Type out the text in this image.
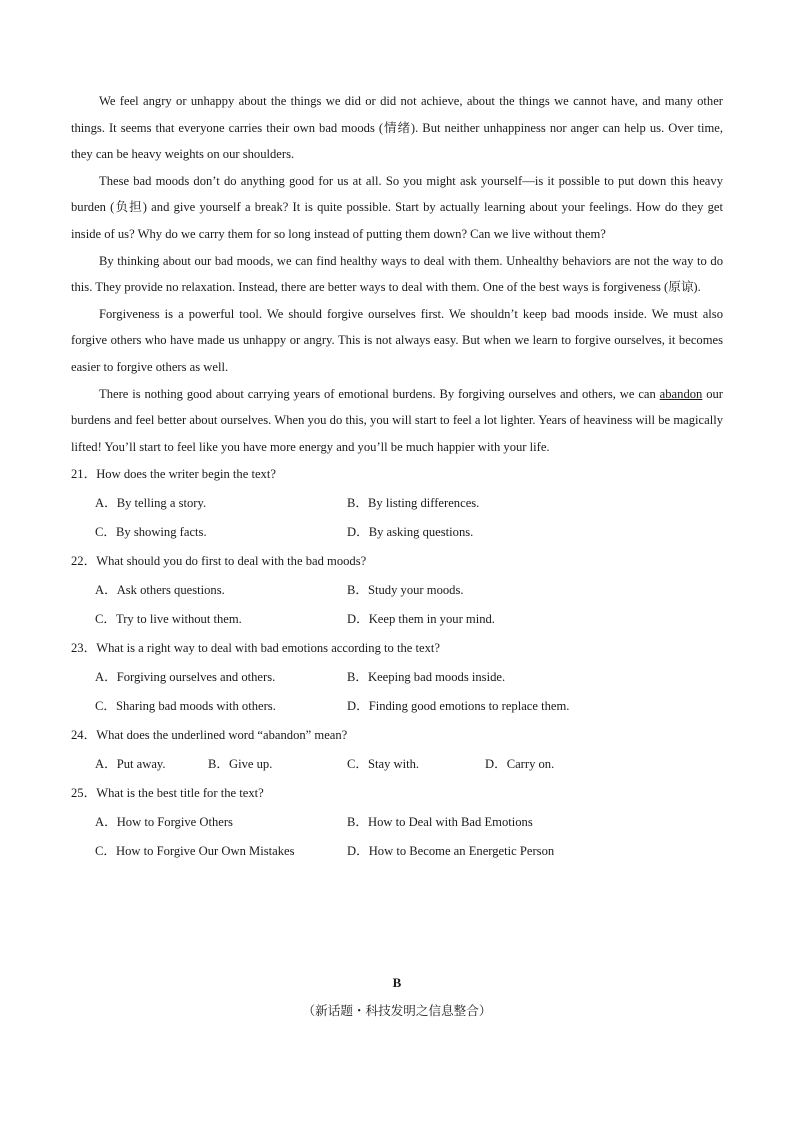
We feel angry or unhappy about the things we did or did not achieve, about the things we cannot have, and many other things. It seems that everyone carries their own bad moods (情绪). But neither unhappiness nor anger can help us. Over time, they can be heavy weights on our shoulders.

These bad moods don’t do anything good for us at all. So you might ask yourself—is it possible to put down this heavy burden (负担) and give yourself a break? It is quite possible. Start by actually learning about your feelings. How do they get inside of us? Why do we carry them for so long instead of putting them down? Can we live without them?

By thinking about our bad moods, we can find healthy ways to deal with them. Unhealthy behaviors are not the way to do this. They provide no relaxation. Instead, there are better ways to deal with them. One of the best ways is forgiveness (原谅).

Forgiveness is a powerful tool. We should forgive ourselves first. We shouldn’t keep bad moods inside. We must also forgive others who have made us unhappy or angry. This is not always easy. But when we learn to forgive ourselves, it becomes easier to forgive others as well.

There is nothing good about carrying years of emotional burdens. By forgiving ourselves and others, we can abandon our burdens and feel better about ourselves. When you do this, you will start to feel a lot lighter. Years of heaviness will be magically lifted! You’ll start to feel like you have more energy and you’ll be much happier with your life.

21．How does the writer begin the text?

A．By telling a story.	B．By listing differences.
C．By showing facts.	D．By asking questions.

22．What should you do first to deal with the bad moods?

A．Ask others questions.	B．Study your moods.
C．Try to live without them.	D．Keep them in your mind.

23．What is a right way to deal with bad emotions according to the text?

A．Forgiving ourselves and others.	B．Keeping bad moods inside.
C．Sharing bad moods with others.	D．Finding good emotions to replace them.

24．What does the underlined word “abandon” mean?

A．Put away.	B．Give up.	C．Stay with.	D．Carry on.

25．What is the best title for the text?

A．How to Forgive Others	B．How to Deal with Bad Emotions
C．How to Forgive Our Own Mistakes	D．How to Become an Energetic Person
B
（新话题・科技发明之信息整合）
